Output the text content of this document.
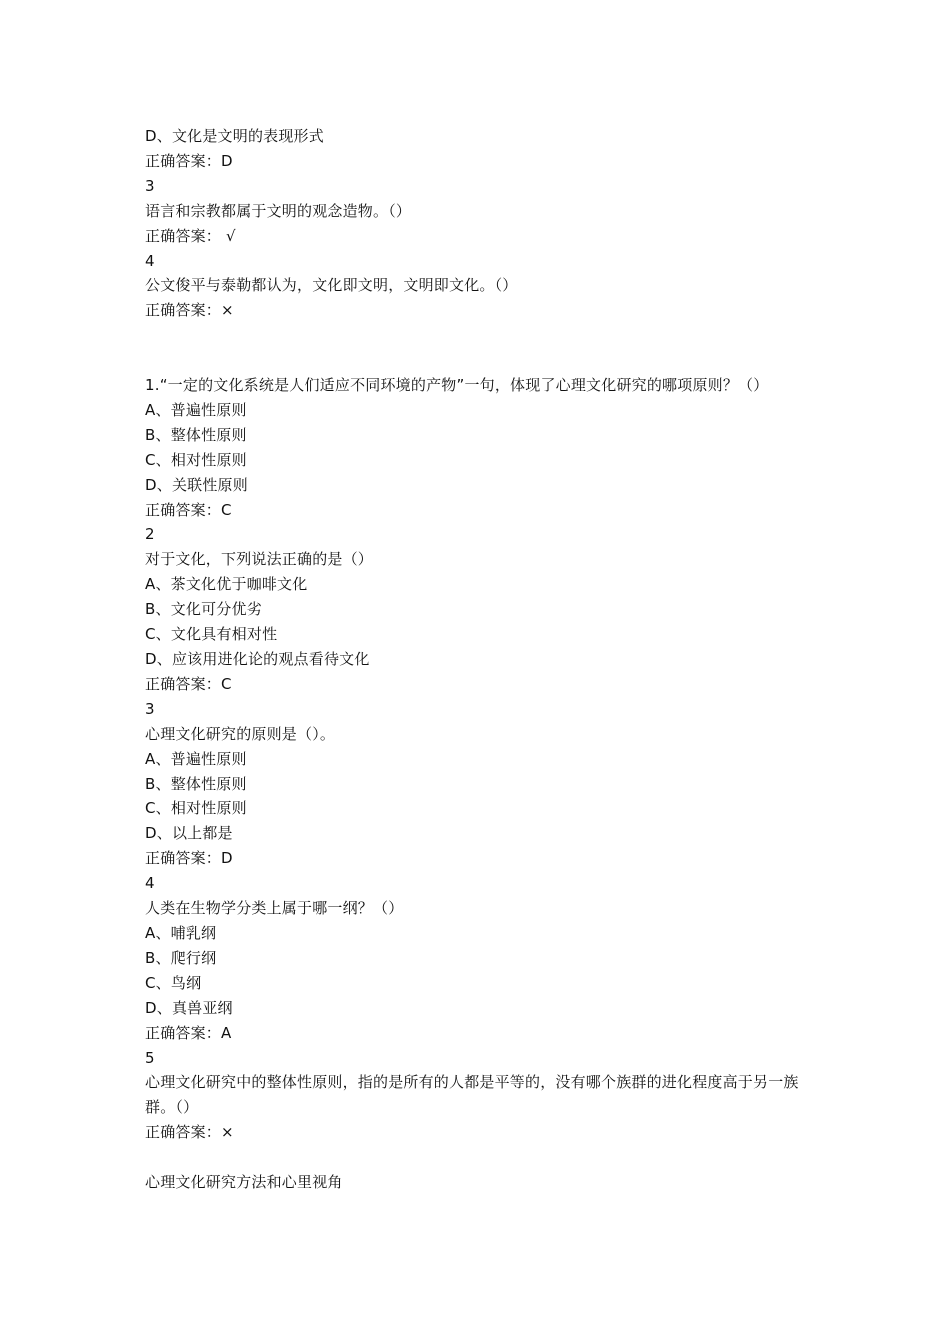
D、文化是文明的表现形式
正确答案：D
3
语言和宗教都属于文明的观念造物。（）
正确答案： √
4
公文俊平与泰勒都认为，文化即文明，文明即文化。（）
正确答案：×
1.“一定的文化系统是人们适应不同环境的产物”一句，体现了心理文化研究的哪项原则？（）
A、普遍性原则
B、整体性原则
C、相对性原则
D、关联性原则
正确答案：C
2
对于文化，下列说法正确的是（）
A、茶文化优于咖啡文化
B、文化可分优劣
C、文化具有相对性
D、应该用进化论的观点看待文化
正确答案：C
3
心理文化研究的原则是（）。
A、普遍性原则
B、整体性原则
C、相对性原则
D、以上都是
正确答案：D
4
人类在生物学分类上属于哪一纲？（）
A、哺乳纲
B、爬行纲
C、鸟纲
D、真兽亚纲
正确答案：A
5
心理文化研究中的整体性原则，指的是所有的人都是平等的，没有哪个族群的进化程度高于另一族群。（）
正确答案：×
心理文化研究方法和心里视角
